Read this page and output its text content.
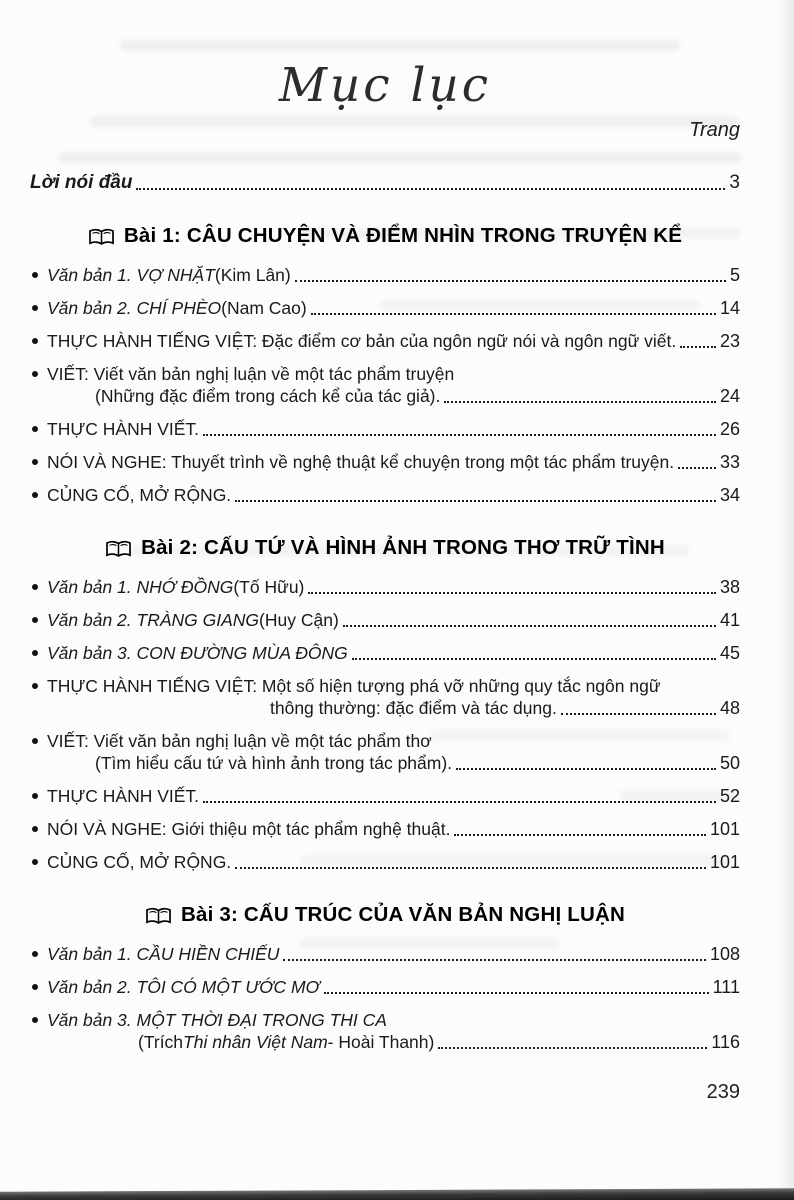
Mục lục
Trang
Lời nói đầu	3
Bài 1: CÂU CHUYỆN VÀ ĐIỂM NHÌN TRONG TRUYỆN KỂ
Văn bản 1. VỢ NHẶT (Kim Lân)	5
Văn bản 2. CHÍ PHÈO (Nam Cao)	14
THỰC HÀNH TIẾNG VIỆT: Đặc điểm cơ bản của ngôn ngữ nói và ngôn ngữ viết. 23
VIẾT: Viết văn bản nghị luận về một tác phẩm truyện
(Những đặc điểm trong cách kể của tác giả).	24
THỰC HÀNH VIẾT.	26
NÓI VÀ NGHE: Thuyết trình về nghệ thuật kể chuyện trong một tác phẩm truyện.	33
CỦNG CỐ, MỞ RỘNG.	34
Bài 2: CẤU TỨ VÀ HÌNH ẢNH TRONG THƠ TRỮ TÌNH
Văn bản 1. NHỚ ĐỒNG (Tố Hữu)	38
Văn bản 2. TRÀNG GIANG (Huy Cận)	41
Văn bản 3. CON ĐƯỜNG MÙA ĐÔNG	45
THỰC HÀNH TIẾNG VIỆT: Một số hiện tượng phá vỡ những quy tắc ngôn ngữ
thông thường: đặc điểm và tác dụng.	48
VIẾT: Viết văn bản nghị luận về một tác phẩm thơ
(Tìm hiểu cấu tứ và hình ảnh trong tác phẩm).	50
THỰC HÀNH VIẾT.	52
NÓI VÀ NGHE: Giới thiệu một tác phẩm nghệ thuật.	101
CỦNG CỐ, MỞ RỘNG.	101
Bài 3: CẤU TRÚC CỦA VĂN BẢN NGHỊ LUẬN
Văn bản 1. CẦU HIỀN CHIẾU	108
Văn bản 2. TÔI CÓ MỘT ƯỚC MƠ	111
Văn bản 3. MỘT THỜI ĐẠI TRONG THI CA
(Trích Thi nhân Việt Nam - Hoài Thanh)	116
239
